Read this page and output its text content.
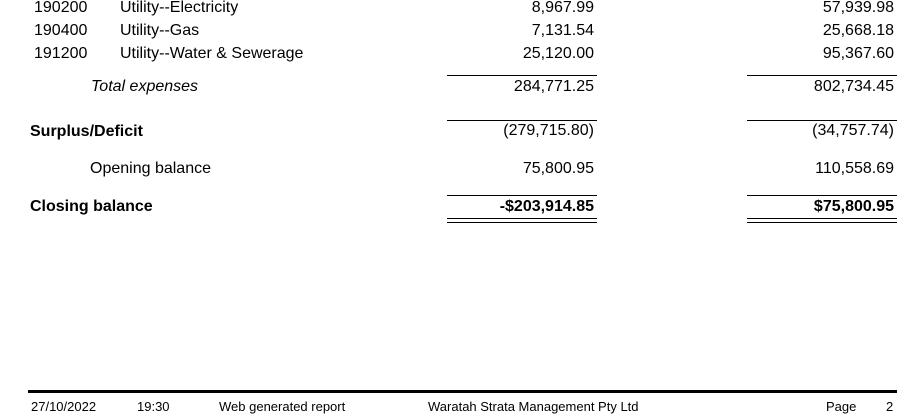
190200 Utility--Electricity	8,967.99	57,939.98
190400 Utility--Gas	7,131.54	25,668.18
191200 Utility--Water & Sewerage	25,120.00	95,367.60
Total expenses	284,771.25	802,734.45
Surplus/Deficit	(279,715.80)	(34,757.74)
Opening balance	75,800.95	110,558.69
Closing balance	-$203,914.85	$75,800.95
27/10/2022	19:30	Web generated report	Waratah Strata Management Pty Ltd	Page 2
